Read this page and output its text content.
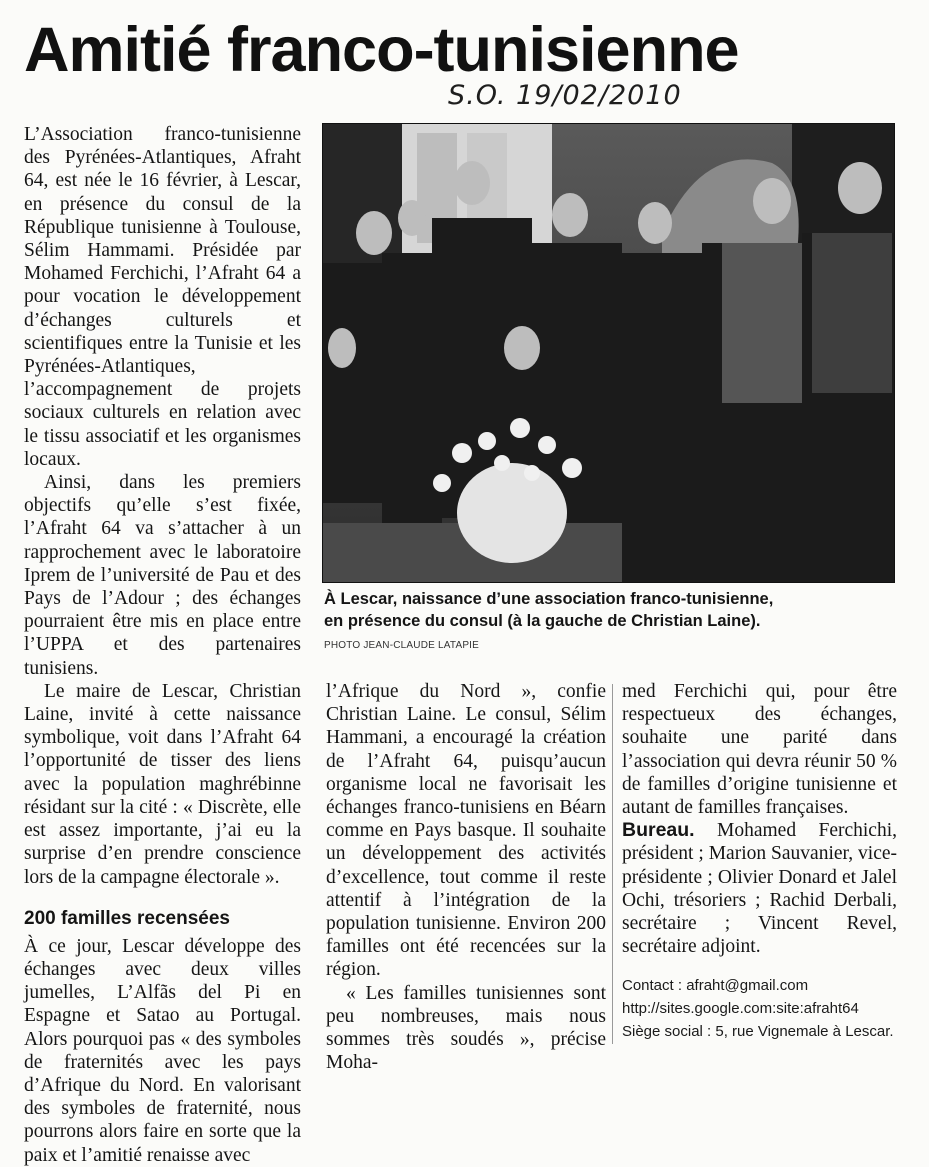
Amitié franco-tunisienne
S.O. 19/02/2010

L’Association franco-tunisienne des Pyrénées-Atlantiques, Afraht 64, est née le 16 février, à Lescar, en présence du consul de la République tunisienne à Toulouse, Sélim Hammami. Présidée par Mohamed Ferchichi, l’Afraht 64 a pour vocation le développement d’échanges culturels et scientifiques entre la Tunisie et les Pyrénées-Atlantiques, l’accompagnement de projets sociaux culturels en relation avec le tissu associatif et les organismes locaux.

Ainsi, dans les premiers objectifs qu’elle s’est fixée, l’Afraht 64 va s’attacher à un rapprochement avec le laboratoire Iprem de l’université de Pau et des Pays de l’Adour ; des échanges pourraient être mis en place entre l’UPPA et des partenaires tunisiens.

Le maire de Lescar, Christian Laine, invité à cette naissance symbolique, voit dans l’Afraht 64 l’opportunité de tisser des liens avec la population maghrébinne résidant sur la cité : « Discrète, elle est assez importante, j’ai eu la surprise d’en prendre conscience lors de la campagne électorale ».

200 familles recensées

À ce jour, Lescar développe des échanges avec deux villes jumelles, L’Alfãs del Pi en Espagne et Satao au Portugal. Alors pourquoi pas « des symboles de fraternités avec les pays d’Afrique du Nord. En valorisant des symboles de fraternité, nous pourrons alors faire en sorte que la paix et l’amitié renaisse avec

À Lescar, naissance d’une association franco-tunisienne,
en présence du consul (à la gauche de Christian Laine).
PHOTO JEAN-CLAUDE LATAPIE

l’Afrique du Nord », confie Christian Laine. Le consul, Sélim Hammani, a encouragé la création de l’Afraht 64, puisqu’aucun organisme local ne favorisait les échanges franco-tunisiens en Béarn comme en Pays basque. Il souhaite un développement des activités d’excellence, tout comme il reste attentif à l’intégration de la population tunisienne. Environ 200 familles ont été recencées sur la région.

« Les familles tunisiennes sont peu nombreuses, mais nous sommes très soudés », précise Moha-

med Ferchichi qui, pour être respectueux des échanges, souhaite une parité dans l’association qui devra réunir 50 % de familles d’origine tunisienne et autant de familles françaises.

Bureau. Mohamed Ferchichi, président ; Marion Sauvanier, vice-présidente ; Olivier Donard et Jalel Ochi, trésoriers ; Rachid Derbali, secrétaire ; Vincent Revel, secrétaire adjoint.

Contact : afraht@gmail.com
http://sites.google.com:site:afraht64
Siège social : 5, rue Vignemale à Lescar.
